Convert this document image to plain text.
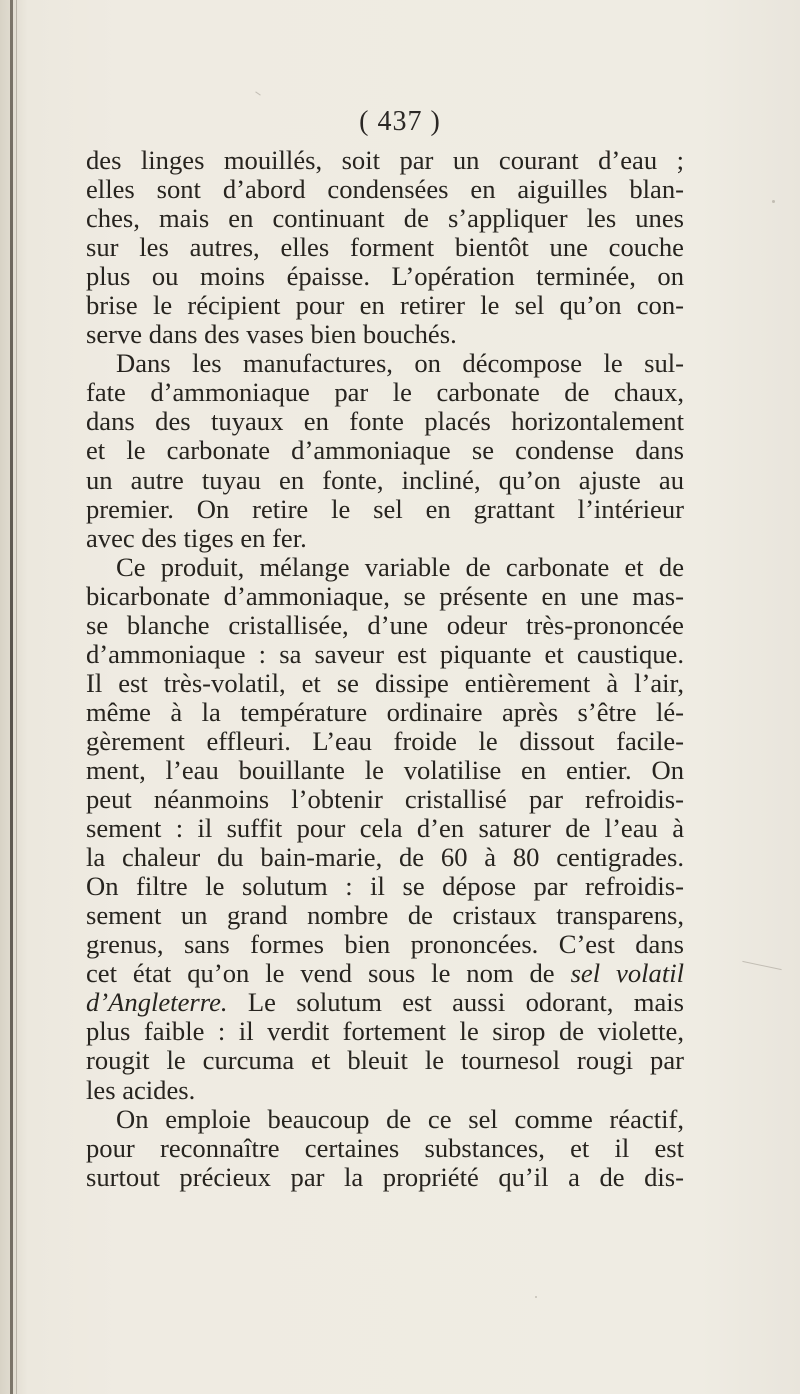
( 437 )
des linges mouillés, soit par un courant d’eau ;
elles sont d’abord condensées en aiguilles blan-
ches, mais en continuant de s’appliquer les unes
sur les autres, elles forment bientôt une couche
plus ou moins épaisse. L’opération terminée, on
brise le récipient pour en retirer le sel qu’on con-
serve dans des vases bien bouchés.
Dans les manufactures, on décompose le sul-
fate d’ammoniaque par le carbonate de chaux,
dans des tuyaux en fonte placés horizontalement
et le carbonate d’ammoniaque se condense dans
un autre tuyau en fonte, incliné, qu’on ajuste au
premier. On retire le sel en grattant l’intérieur
avec des tiges en fer.
Ce produit, mélange variable de carbonate et de
bicarbonate d’ammoniaque, se présente en une mas-
se blanche cristallisée, d’une odeur très-prononcée
d’ammoniaque : sa saveur est piquante et caustique.
Il est très-volatil, et se dissipe entièrement à l’air,
même à la température ordinaire après s’être lé-
gèrement effleuri. L’eau froide le dissout facile-
ment, l’eau bouillante le volatilise en entier. On
peut néanmoins l’obtenir cristallisé par refroidis-
sement : il suffit pour cela d’en saturer de l’eau à
la chaleur du bain-marie, de 60 à 80 centigrades.
On filtre le solutum : il se dépose par refroidis-
sement un grand nombre de cristaux transparens,
grenus, sans formes bien prononcées. C’est dans
cet état qu’on le vend sous le nom de sel volatil
d’Angleterre. Le solutum est aussi odorant, mais
plus faible : il verdit fortement le sirop de violette,
rougit le curcuma et bleuit le tournesol rougi par
les acides.
On emploie beaucoup de ce sel comme réactif,
pour reconnaître certaines substances, et il est
surtout précieux par la propriété qu’il a de dis-
